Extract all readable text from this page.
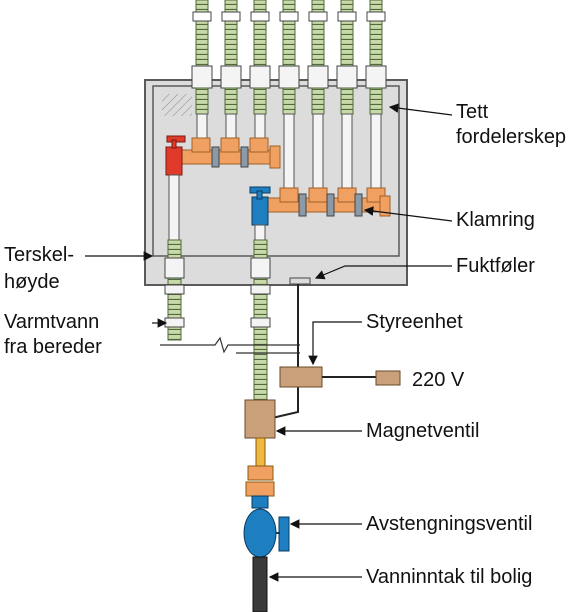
Tett
fordelerskep
Klamring
Terskel-
høyde
Fuktføler
Varmtvann
fra bereder
Styreenhet
220 V
Magnetventil
Avstengningsventil
Vanninntak til bolig
